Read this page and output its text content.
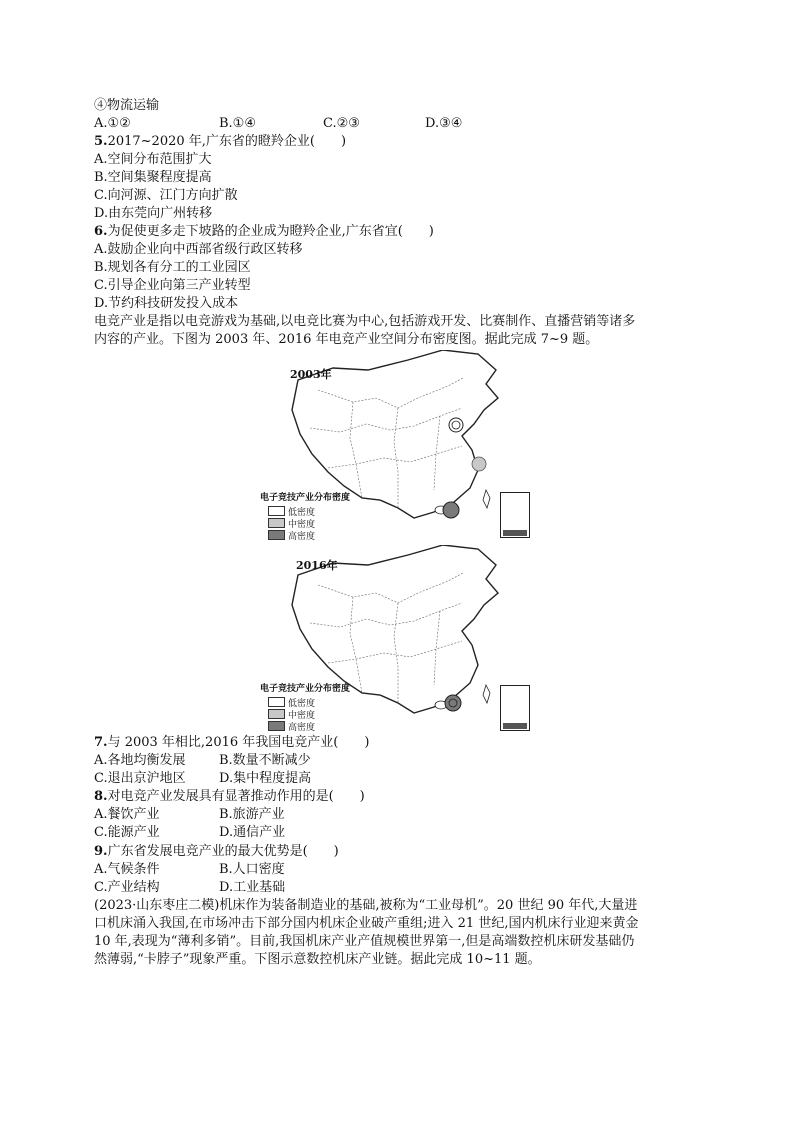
④物流运输
A.①②	B.①④	C.②③	D.③④
5.2017~2020 年,广东省的瞪羚企业(　　)
A.空间分布范围扩大
B.空间集聚程度提高
C.向河源、江门方向扩散
D.由东莞向广州转移
6.为促使更多走下坡路的企业成为瞪羚企业,广东省宜(　　)
A.鼓励企业向中西部省级行政区转移
B.规划各有分工的工业园区
C.引导企业向第三产业转型
D.节约科技研发投入成本
电竞产业是指以电竞游戏为基础,以电竞比赛为中心,包括游戏开发、比赛制作、直播营销等诸多
内容的产业。下图为 2003 年、2016 年电竞产业空间分布密度图。据此完成 7~9 题。
2003年
电子竞技产业分布密度
低密度
中密度
高密度
2016年
电子竞技产业分布密度
低密度
中密度
高密度
7.与 2003 年相比,2016 年我国电竞产业(　　)
A.各地均衡发展	B.数量不断减少
C.退出京沪地区	D.集中程度提高
8.对电竞产业发展具有显著推动作用的是(　　)
A.餐饮产业	B.旅游产业
C.能源产业	D.通信产业
9.广东省发展电竞产业的最大优势是(　　)
A.气候条件	B.人口密度
C.产业结构	D.工业基础
(2023·山东枣庄二模)机床作为装备制造业的基础,被称为“工业母机”。20 世纪 90 年代,大量进
口机床涌入我国,在市场冲击下部分国内机床企业破产重组;进入 21 世纪,国内机床行业迎来黄金
10 年,表现为“薄利多销”。目前,我国机床产业产值规模世界第一,但是高端数控机床研发基础仍
然薄弱,“卡脖子”现象严重。下图示意数控机床产业链。据此完成 10~11 题。
